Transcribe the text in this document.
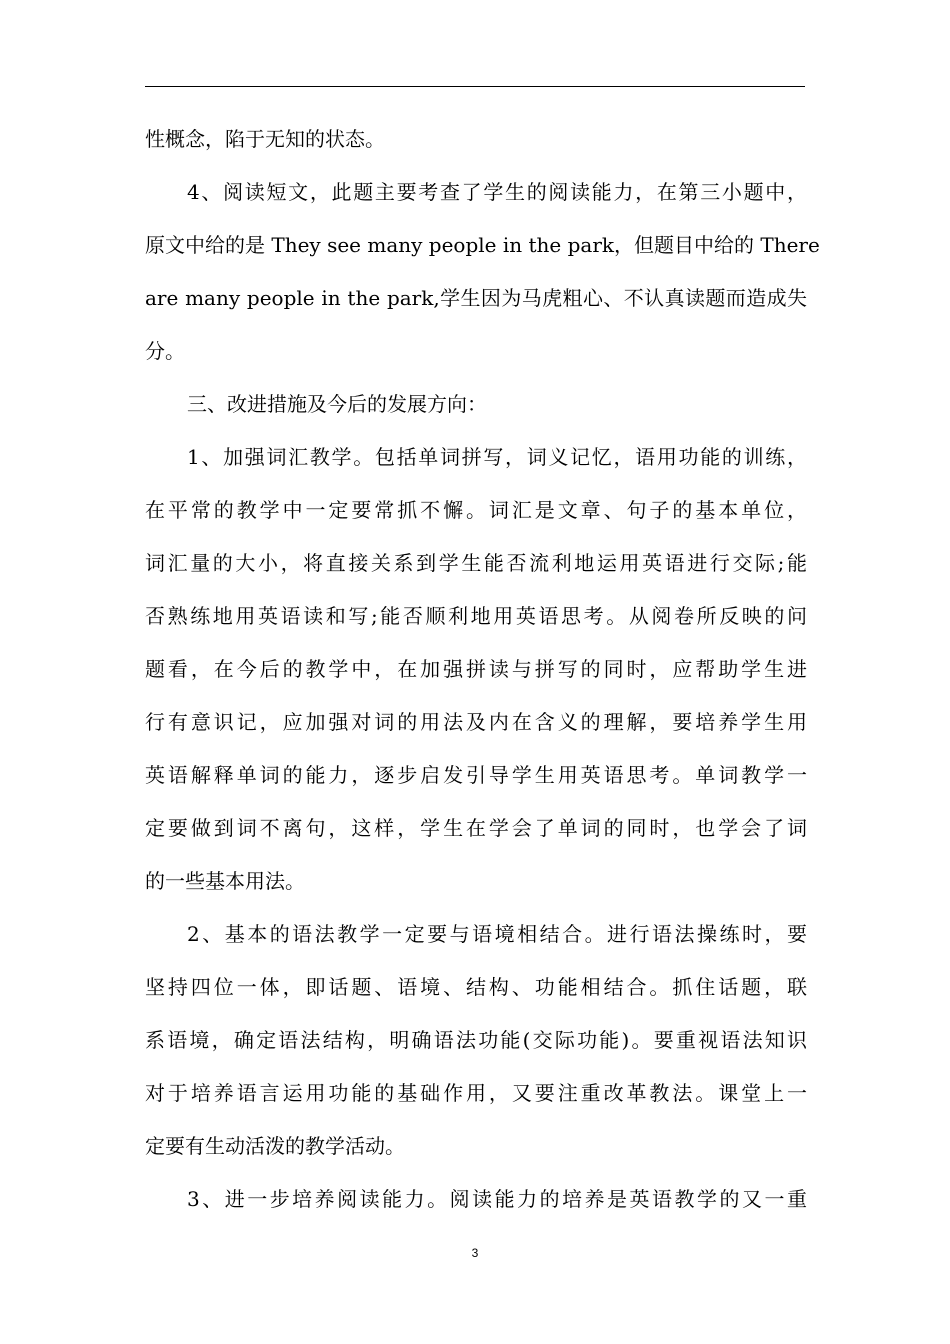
性概念，陷于无知的状态。
4、阅读短文，此题主要考查了学生的阅读能力，在第三小题中，
原文中给的是 They see many people in the park，但题目中给的 There
are many people in the park,学生因为马虎粗心、不认真读题而造成失
分。
三、改进措施及今后的发展方向：
1、加强词汇教学。包括单词拼写，词义记忆，语用功能的训练，
在平常的教学中一定要常抓不懈。词汇是文章、句子的基本单位，
词汇量的大小，将直接关系到学生能否流利地运用英语进行交际;能
否熟练地用英语读和写;能否顺利地用英语思考。从阅卷所反映的问
题看，在今后的教学中，在加强拼读与拼写的同时，应帮助学生进
行有意识记，应加强对词的用法及内在含义的理解，要培养学生用
英语解释单词的能力，逐步启发引导学生用英语思考。单词教学一
定要做到词不离句，这样，学生在学会了单词的同时，也学会了词
的一些基本用法。
2、基本的语法教学一定要与语境相结合。进行语法操练时，要
坚持四位一体，即话题、语境、结构、功能相结合。抓住话题，联
系语境，确定语法结构，明确语法功能(交际功能)。要重视语法知识
对于培养语言运用功能的基础作用，又要注重改革教法。课堂上一
定要有生动活泼的教学活动。
3、进一步培养阅读能力。阅读能力的培养是英语教学的又一重
3
